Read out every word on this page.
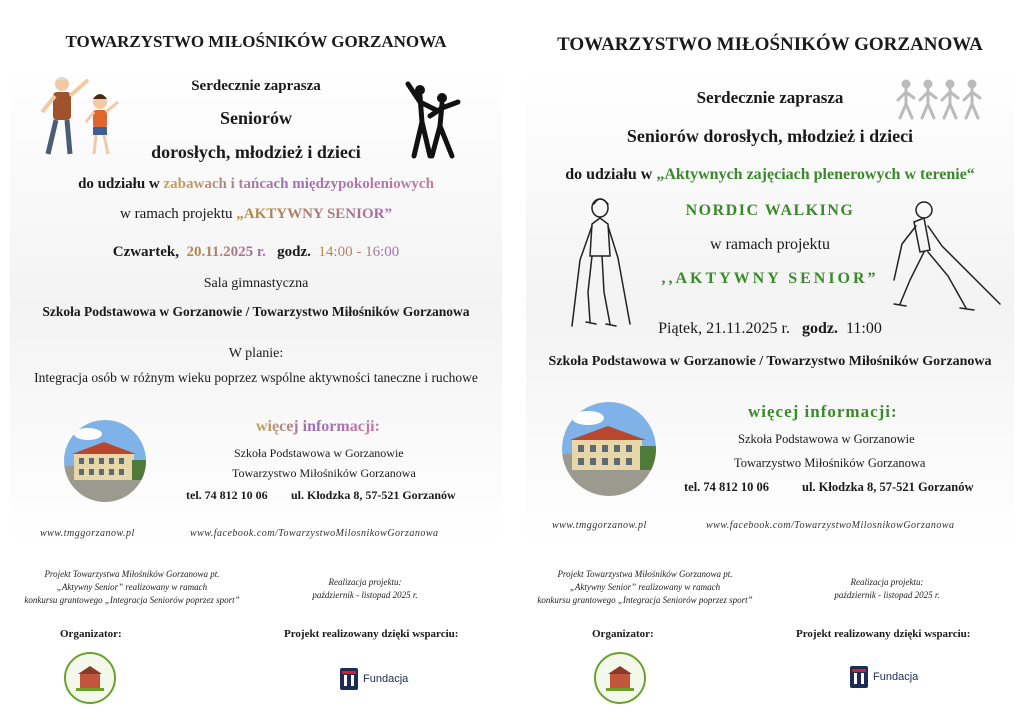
TOWARZYSTWO MIŁOŚNIKÓW GORZANOWA
Serdecznie zaprasza
Seniorów
dorosłych, młodzież i dzieci
do udziału w zabawach i tańcach międzypokoleniowych
w ramach projektu „AKTYWNY SENIOR”
Czwartek, 20.11.2025 r. godz. 14:00 - 16:00
Sala gimnastyczna
Szkoła Podstawowa w Gorzanowie / Towarzystwo Miłośników Gorzanowa
W planie:
Integracja osób w różnym wieku poprzez wspólne aktywności taneczne i ruchowe
więcej informacji:
Szkoła Podstawowa w Gorzanowie
Towarzystwo Miłośników Gorzanowa
tel. 74 812 10 06 ul. Kłodzka 8, 57-521 Gorzanów
www.tmggorzanow.pl	www.facebook.com/TowarzystwoMilosnikowGorzanowa
Projekt Towarzystwa Miłośników Gorzanowa pt.
„Aktywny Senior” realizowany w ramach
konkursu grantowego „Integracja Seniorów poprzez sport”
Realizacja projektu:
październik - listopad 2025 r.
Organizator:	Projekt realizowany dzięki wsparciu:
Fundacja
TOWARZYSTWO MIŁOŚNIKÓW GORZANOWA
Serdecznie zaprasza
Seniorów dorosłych, młodzież i dzieci
do udziału w „Aktywnych zajęciach plenerowych w terenie“
NORDIC WALKING
w ramach projektu
,,AKTYWNY SENIOR”
Piątek, 21.11.2025 r. godz. 11:00
Szkoła Podstawowa w Gorzanowie / Towarzystwo Miłośników Gorzanowa
więcej informacji:
Szkoła Podstawowa w Gorzanowie
Towarzystwo Miłośników Gorzanowa
tel. 74 812 10 06	ul. Kłodzka 8, 57-521 Gorzanów
www.tmggorzanow.pl	www.facebook.com/TowarzystwoMilosnikowGorzanowa
Projekt Towarzystwa Miłośników Gorzanowa pt.
„Aktywny Senior” realizowany w ramach
konkursu grantowego „Integracja Seniorów poprzez sport”
Realizacja projektu:
październik - listopad 2025 r.
Organizator:	Projekt realizowany dzięki wsparciu:
Fundacja
